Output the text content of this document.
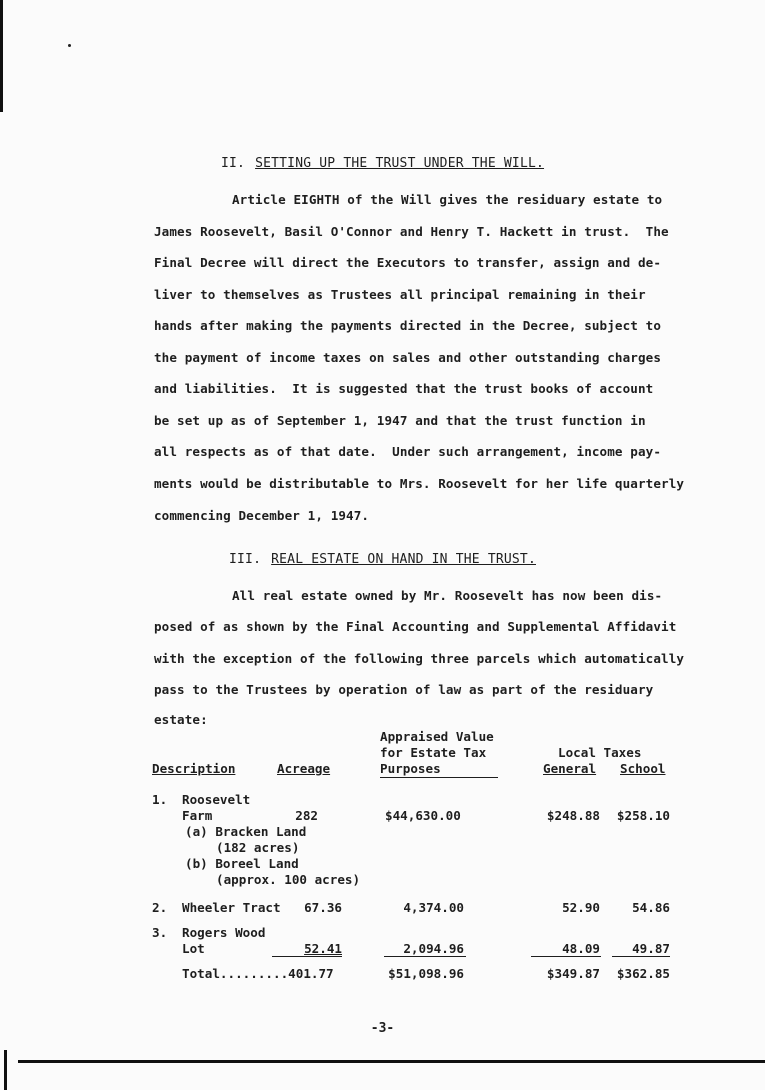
II. SETTING UP THE TRUST UNDER THE WILL.
Article EIGHTH of the Will gives the residuary estate to
James Roosevelt, Basil O'Connor and Henry T. Hackett in trust.  The
Final Decree will direct the Executors to transfer, assign and de-
liver to themselves as Trustees all principal remaining in their
hands after making the payments directed in the Decree, subject to
the payment of income taxes on sales and other outstanding charges
and liabilities.  It is suggested that the trust books of account
be set up as of September 1, 1947 and that the trust function in
all respects as of that date.  Under such arrangement, income pay-
ments would be distributable to Mrs. Roosevelt for her life quarterly
commencing December 1, 1947.
III. REAL ESTATE ON HAND IN THE TRUST.
All real estate owned by Mr. Roosevelt has now been dis-
posed of as shown by the Final Accounting and Supplemental Affidavit
with the exception of the following three parcels which automatically
pass to the Trustees by operation of law as part of the residuary
estate:
Appraised Value
for Estate Tax	Local Taxes
Description	Acreage	Purposes	General School
1. Roosevelt
Farm	282	$44,630.00	$248.88	$258.10
(a) Bracken Land
(182 acres)
(b) Boreel Land
(approx. 100 acres)
2. Wheeler Tract	67.36	4,374.00	52.90	54.86
3. Rogers Wood
Lot	52.41	2,094.96	48.09	49.87
Total.........401.77	$51,098.96	$349.87	$362.85
-3-
